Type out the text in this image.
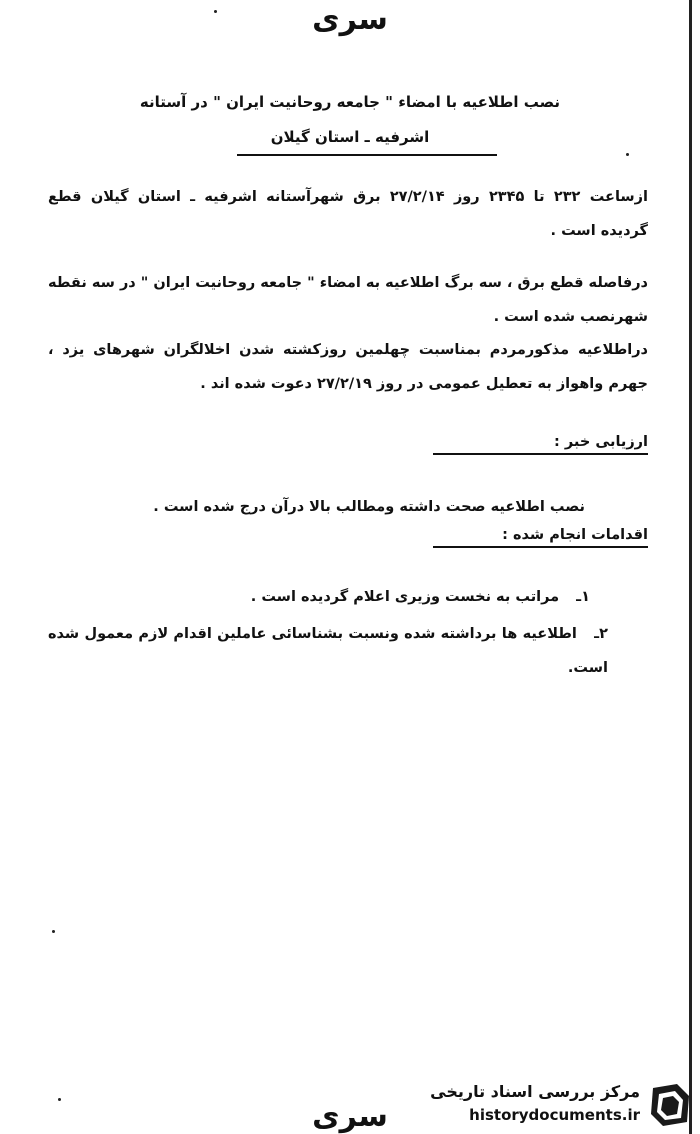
سری
نصب اطلاعیه با امضاء " جامعه روحانیت ایران " در آستانه
اشرفیه ـ استان گیلان
ازساعت ۲۳۲ تا ۲۳۴۵ روز ۲۷/۲/۱۴ برق شهرآستانه اشرفیه ـ استان گیلان قطع گردیده است .
درفاصله قطع برق ، سه برگ اطلاعیه به امضاء " جامعه روحانیت ایران " در سه نقطه شهرنصب شده است .
دراطلاعیه مذکورمردم بمناسبت چهلمین روزکشته شدن اخلالگران شهرهای یزد ، جهرم واهواز به تعطیل عمومی در روز ۲۷/۲/۱۹ دعوت شده اند .
ارزیابی خبر :
نصب اطلاعیه صحت داشته ومطالب بالا درآن درج شده است .
اقدامات انجام شده :
۱ـ مراتب به نخست وزیری اعلام گردیده است .
۲ـ اطلاعیه ها برداشته شده ونسبت بشناسائی عاملین اقدام لازم معمول شده است.
سری
مرکز بررسی اسناد تاریخی
historydocuments.ir
